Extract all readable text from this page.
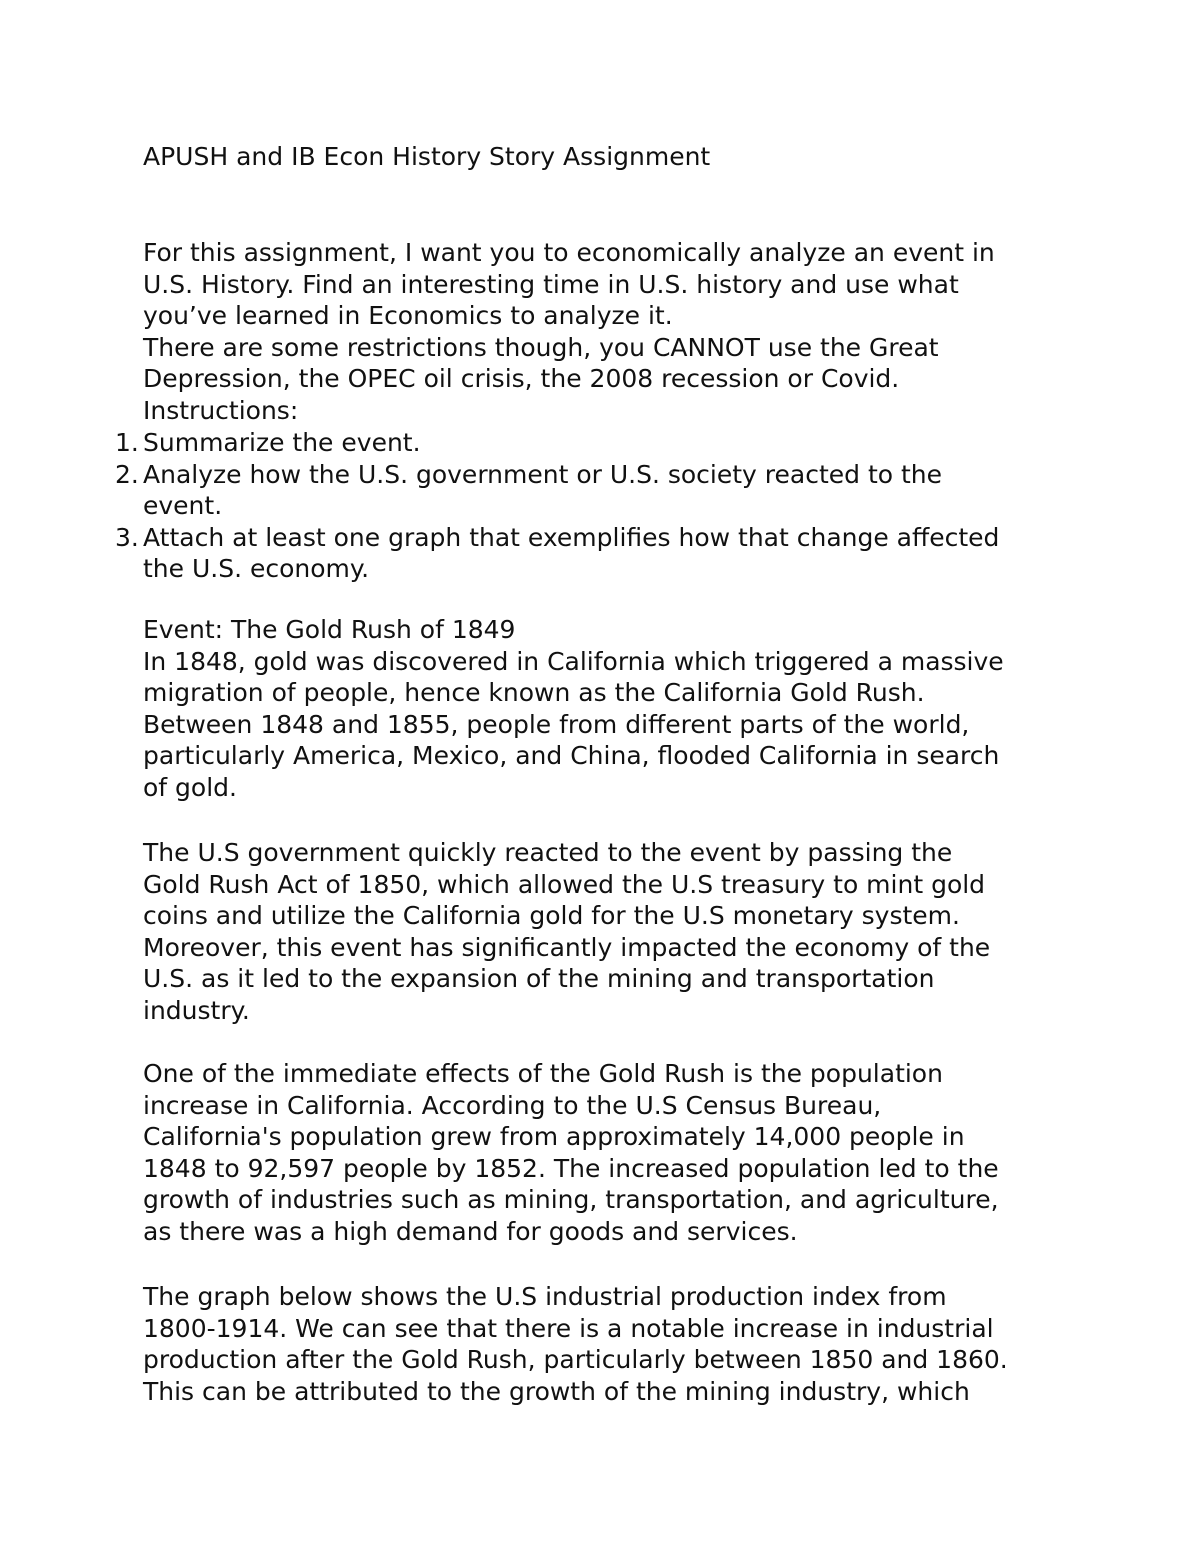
APUSH and IB Econ History Story Assignment
For this assignment, I want you to economically analyze an event in
U.S. History. Find an interesting time in U.S. history and use what
you’ve learned in Economics to analyze it.
There are some restrictions though, you CANNOT use the Great
Depression, the OPEC oil crisis, the 2008 recession or Covid.
Instructions:
1. Summarize the event.
2. Analyze how the U.S. government or U.S. society reacted to the
event.
3. Attach at least one graph that exemplifies how that change affected
the U.S. economy.
Event: The Gold Rush of 1849
In 1848, gold was discovered in California which triggered a massive
migration of people, hence known as the California Gold Rush.
Between 1848 and 1855, people from different parts of the world,
particularly America, Mexico, and China, flooded California in search
of gold.
The U.S government quickly reacted to the event by passing the
Gold Rush Act of 1850, which allowed the U.S treasury to mint gold
coins and utilize the California gold for the U.S monetary system.
Moreover, this event has significantly impacted the economy of the
U.S. as it led to the expansion of the mining and transportation
industry.
One of the immediate effects of the Gold Rush is the population
increase in California. According to the U.S Census Bureau,
California's population grew from approximately 14,000 people in
1848 to 92,597 people by 1852. The increased population led to the
growth of industries such as mining, transportation, and agriculture,
as there was a high demand for goods and services.
The graph below shows the U.S industrial production index from
1800-1914. We can see that there is a notable increase in industrial
production after the Gold Rush, particularly between 1850 and 1860.
This can be attributed to the growth of the mining industry, which
